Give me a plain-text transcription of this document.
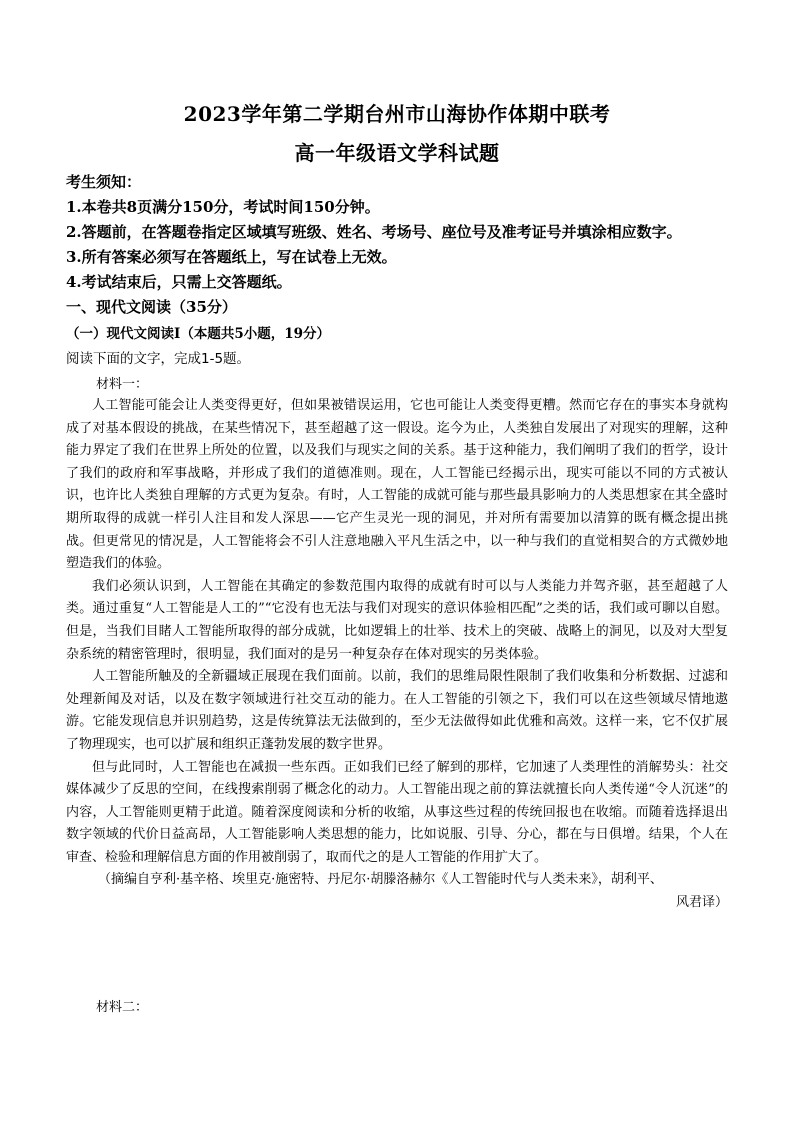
2023学年第二学期台州市山海协作体期中联考
高一年级语文学科试题
考生须知：
1.本卷共8页满分150分，考试时间150分钟。
2.答题前，在答题卷指定区域填写班级、姓名、考场号、座位号及准考证号并填涂相应数字。
3.所有答案必须写在答题纸上，写在试卷上无效。
4.考试结束后，只需上交答题纸。
一、现代文阅读（35分）
（一）现代文阅读Ⅰ（本题共5小题，19分）
阅读下面的文字，完成1-5题。
材料一：

人工智能可能会让人类变得更好，但如果被错误运用，它也可能让人类变得更糟。然而它存在的事实本身就构成了对基本假设的挑战，在某些情况下，甚至超越了这一假设。迄今为止，人类独自发展出了对现实的理解，这种能力界定了我们在世界上所处的位置，以及我们与现实之间的关系。基于这种能力，我们阐明了我们的哲学，设计了我们的政府和军事战略，并形成了我们的道德准则。现在，人工智能已经揭示出，现实可能以不同的方式被认识，也许比人类独自理解的方式更为复杂。有时，人工智能的成就可能与那些最具影响力的人类思想家在其全盛时期所取得的成就一样引人注目和发人深思——它产生灵光一现的洞见，并对所有需要加以清算的既有概念提出挑战。但更常见的情况是，人工智能将会不引人注意地融入平凡生活之中，以一种与我们的直觉相契合的方式微妙地塑造我们的体验。

我们必须认识到，人工智能在其确定的参数范围内取得的成就有时可以与人类能力并驾齐驱，甚至超越了人类。通过重复“人工智能是人工的”“它没有也无法与我们对现实的意识体验相匹配”之类的话，我们或可聊以自慰。但是，当我们目睹人工智能所取得的部分成就，比如逻辑上的壮举、技术上的突破、战略上的洞见，以及对大型复杂系统的精密管理时，很明显，我们面对的是另一种复杂存在体对现实的另类体验。

人工智能所触及的全新疆域正展现在我们面前。以前，我们的思维局限性限制了我们收集和分析数据、过滤和处理新闻及对话，以及在数字领域进行社交互动的能力。在人工智能的引领之下，我们可以在这些领域尽情地遨游。它能发现信息并识别趋势，这是传统算法无法做到的，至少无法做得如此优雅和高效。这样一来，它不仅扩展了物理现实，也可以扩展和组织正蓬勃发展的数字世界。

但与此同时，人工智能也在减损一些东西。正如我们已经了解到的那样，它加速了人类理性的消解势头：社交媒体减少了反思的空间，在线搜索削弱了概念化的动力。人工智能出现之前的算法就擅长向人类传递“令人沉迷”的内容，人工智能则更精于此道。随着深度阅读和分析的收缩，从事这些过程的传统回报也在收缩。而随着选择退出数字领域的代价日益高昂，人工智能影响人类思想的能力，比如说服、引导、分心，都在与日俱增。结果，个人在审查、检验和理解信息方面的作用被削弱了，取而代之的是人工智能的作用扩大了。

（摘编自亨利·基辛格、埃里克·施密特、丹尼尔·胡滕洛赫尔《人工智能时代与人类未来》，胡利平、

风君译）

材料二：
